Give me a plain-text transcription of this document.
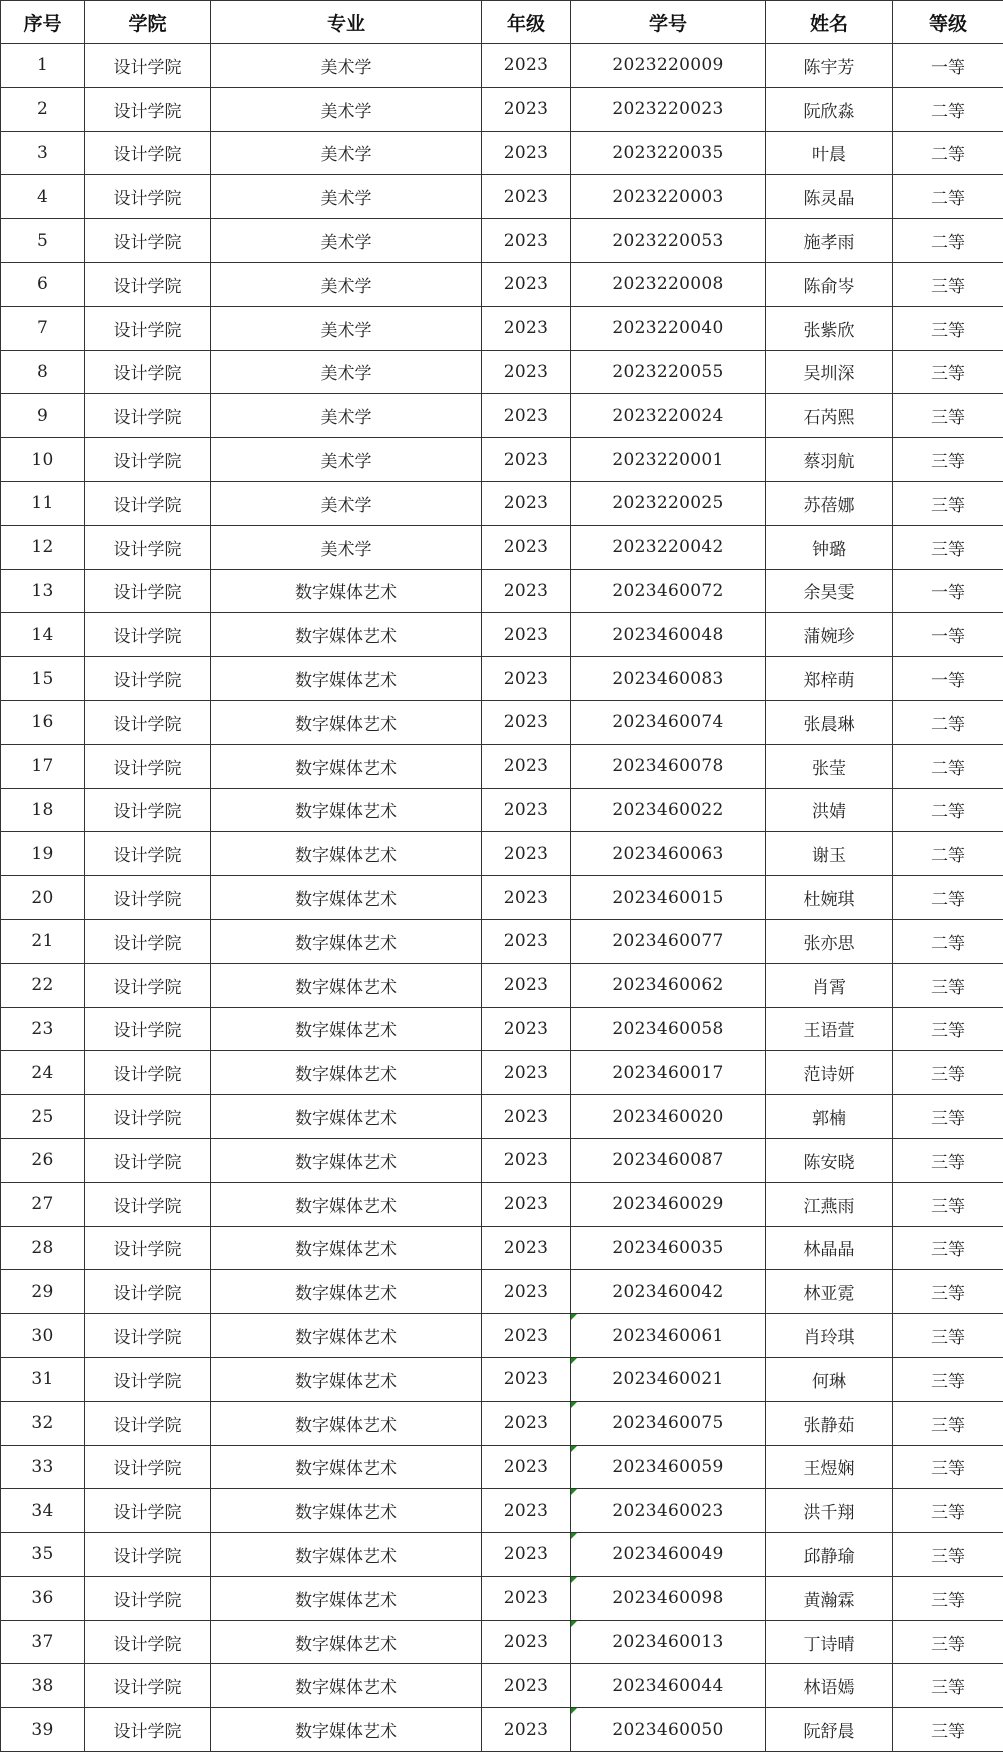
序号	学院	专业	年级	学号	姓名	等级
1	设计学院	美术学	2023	2023220009	陈宇芳	一等
2	设计学院	美术学	2023	2023220023	阮欣淼	二等
3	设计学院	美术学	2023	2023220035	叶晨	二等
4	设计学院	美术学	2023	2023220003	陈灵晶	二等
5	设计学院	美术学	2023	2023220053	施孝雨	二等
6	设计学院	美术学	2023	2023220008	陈俞岑	三等
7	设计学院	美术学	2023	2023220040	张紫欣	三等
8	设计学院	美术学	2023	2023220055	吴圳深	三等
9	设计学院	美术学	2023	2023220024	石芮熙	三等
10	设计学院	美术学	2023	2023220001	蔡羽航	三等
11	设计学院	美术学	2023	2023220025	苏蓓娜	三等
12	设计学院	美术学	2023	2023220042	钟璐	三等
13	设计学院	数字媒体艺术	2023	2023460072	余昊雯	一等
14	设计学院	数字媒体艺术	2023	2023460048	蒲婉珍	一等
15	设计学院	数字媒体艺术	2023	2023460083	郑梓萌	一等
16	设计学院	数字媒体艺术	2023	2023460074	张晨琳	二等
17	设计学院	数字媒体艺术	2023	2023460078	张莹	二等
18	设计学院	数字媒体艺术	2023	2023460022	洪婧	二等
19	设计学院	数字媒体艺术	2023	2023460063	谢玉	二等
20	设计学院	数字媒体艺术	2023	2023460015	杜婉琪	二等
21	设计学院	数字媒体艺术	2023	2023460077	张亦思	二等
22	设计学院	数字媒体艺术	2023	2023460062	肖霄	三等
23	设计学院	数字媒体艺术	2023	2023460058	王语萱	三等
24	设计学院	数字媒体艺术	2023	2023460017	范诗妍	三等
25	设计学院	数字媒体艺术	2023	2023460020	郭楠	三等
26	设计学院	数字媒体艺术	2023	2023460087	陈安晓	三等
27	设计学院	数字媒体艺术	2023	2023460029	江燕雨	三等
28	设计学院	数字媒体艺术	2023	2023460035	林晶晶	三等
29	设计学院	数字媒体艺术	2023	2023460042	林亚霓	三等
30	设计学院	数字媒体艺术	2023	2023460061	肖玲琪	三等
31	设计学院	数字媒体艺术	2023	2023460021	何琳	三等
32	设计学院	数字媒体艺术	2023	2023460075	张静茹	三等
33	设计学院	数字媒体艺术	2023	2023460059	王煜娴	三等
34	设计学院	数字媒体艺术	2023	2023460023	洪千翔	三等
35	设计学院	数字媒体艺术	2023	2023460049	邱静瑜	三等
36	设计学院	数字媒体艺术	2023	2023460098	黄瀚霖	三等
37	设计学院	数字媒体艺术	2023	2023460013	丁诗晴	三等
38	设计学院	数字媒体艺术	2023	2023460044	林语嫣	三等
39	设计学院	数字媒体艺术	2023	2023460050	阮舒晨	三等
